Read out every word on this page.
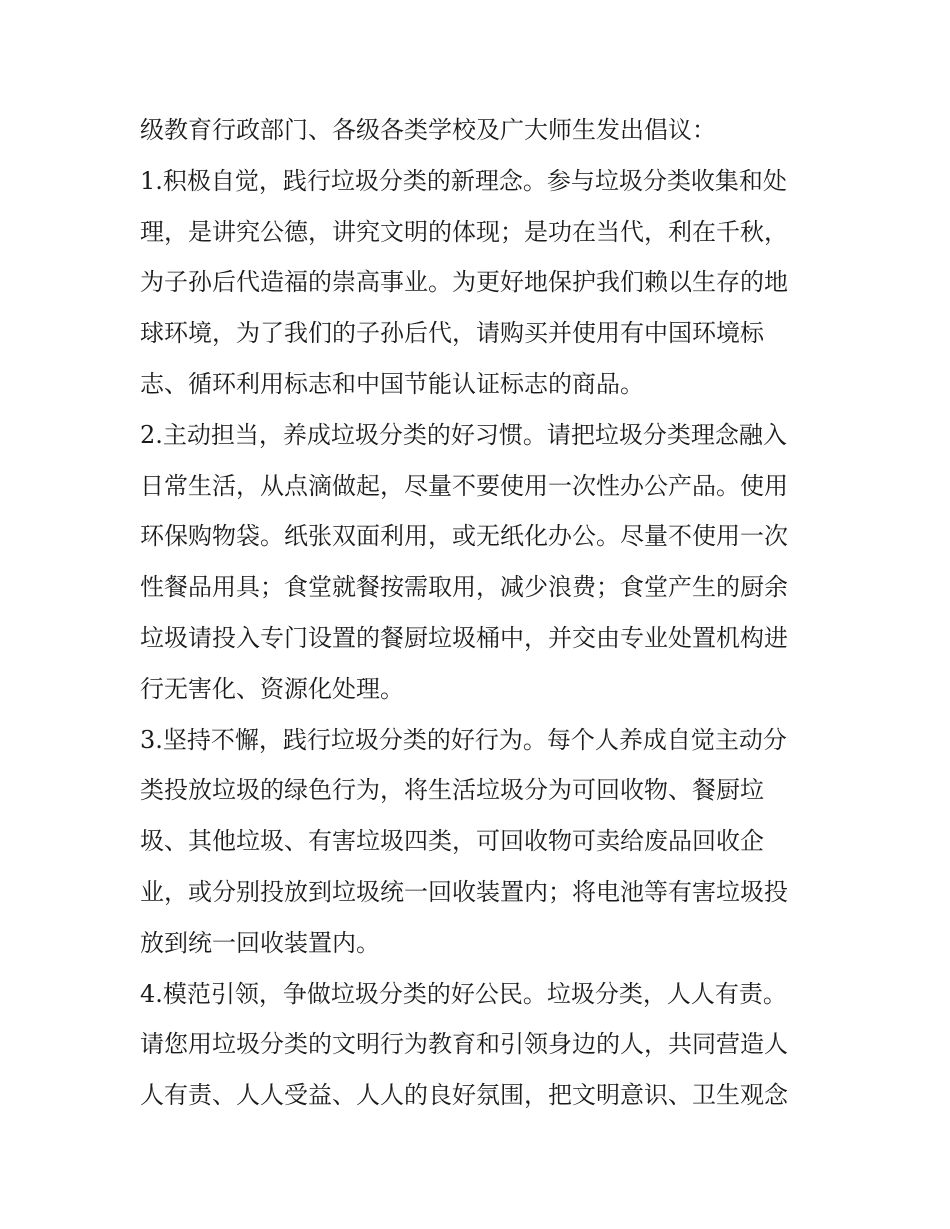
级教育行政部门、各级各类学校及广大师生发出倡议：
1.积极自觉，践行垃圾分类的新理念。参与垃圾分类收集和处
理，是讲究公德，讲究文明的体现；是功在当代，利在千秋，
为子孙后代造福的崇高事业。为更好地保护我们赖以生存的地
球环境，为了我们的子孙后代，请购买并使用有中国环境标
志、循环利用标志和中国节能认证标志的商品。
2.主动担当，养成垃圾分类的好习惯。请把垃圾分类理念融入
日常生活，从点滴做起，尽量不要使用一次性办公产品。使用
环保购物袋。纸张双面利用，或无纸化办公。尽量不使用一次
性餐品用具；食堂就餐按需取用，减少浪费；食堂产生的厨余
垃圾请投入专门设置的餐厨垃圾桶中，并交由专业处置机构进
行无害化、资源化处理。
3.坚持不懈，践行垃圾分类的好行为。每个人养成自觉主动分
类投放垃圾的绿色行为，将生活垃圾分为可回收物、餐厨垃
圾、其他垃圾、有害垃圾四类，可回收物可卖给废品回收企
业，或分别投放到垃圾统一回收装置内；将电池等有害垃圾投
放到统一回收装置内。
4.模范引领，争做垃圾分类的好公民。垃圾分类，人人有责。
请您用垃圾分类的文明行为教育和引领身边的人，共同营造人
人有责、人人受益、人人的良好氛围，把文明意识、卫生观念
